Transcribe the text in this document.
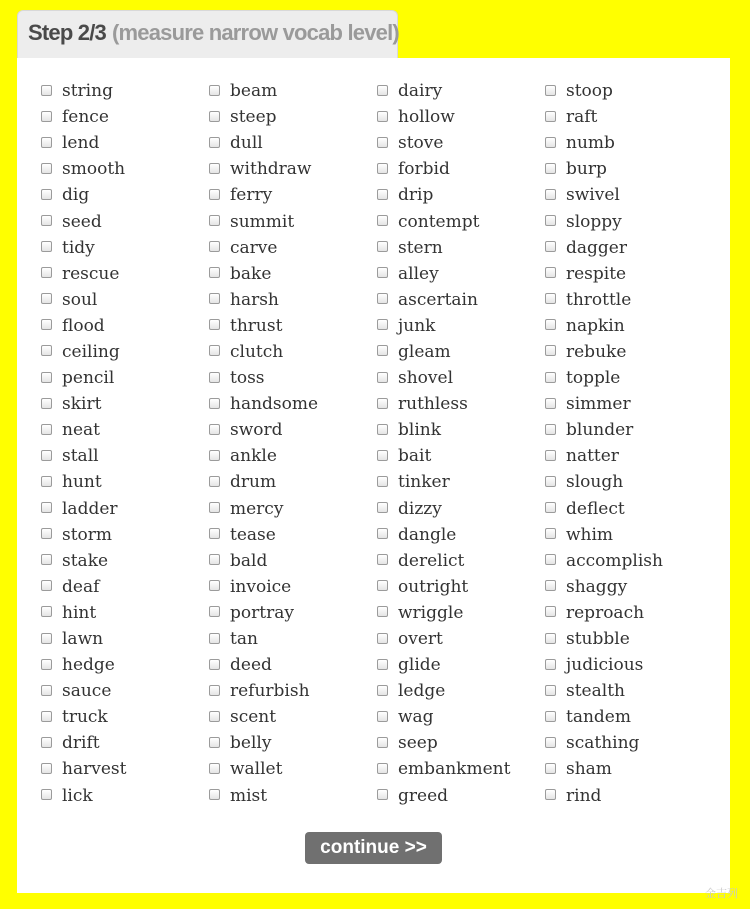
Step 2/3 (measure narrow vocab level)
string	beam	dairy	stoop
fence	steep	hollow	raft
lend	dull	stove	numb
smooth	withdraw	forbid	burp
dig	ferry	drip	swivel
seed	summit	contempt	sloppy
tidy	carve	stern	dagger
rescue	bake	alley	respite
soul	harsh	ascertain	throttle
flood	thrust	junk	napkin
ceiling	clutch	gleam	rebuke
pencil	toss	shovel	topple
skirt	handsome	ruthless	simmer
neat	sword	blink	blunder
stall	ankle	bait	natter
hunt	drum	tinker	slough
ladder	mercy	dizzy	deflect
storm	tease	dangle	whim
stake	bald	derelict	accomplish
deaf	invoice	outright	shaggy
hint	portray	wriggle	reproach
lawn	tan	overt	stubble
hedge	deed	glide	judicious
sauce	refurbish	ledge	stealth
truck	scent	wag	tandem
drift	belly	seep	scathing
harvest	wallet	embankment	sham
lick	mist	greed	rind
continue >>
金吉列
